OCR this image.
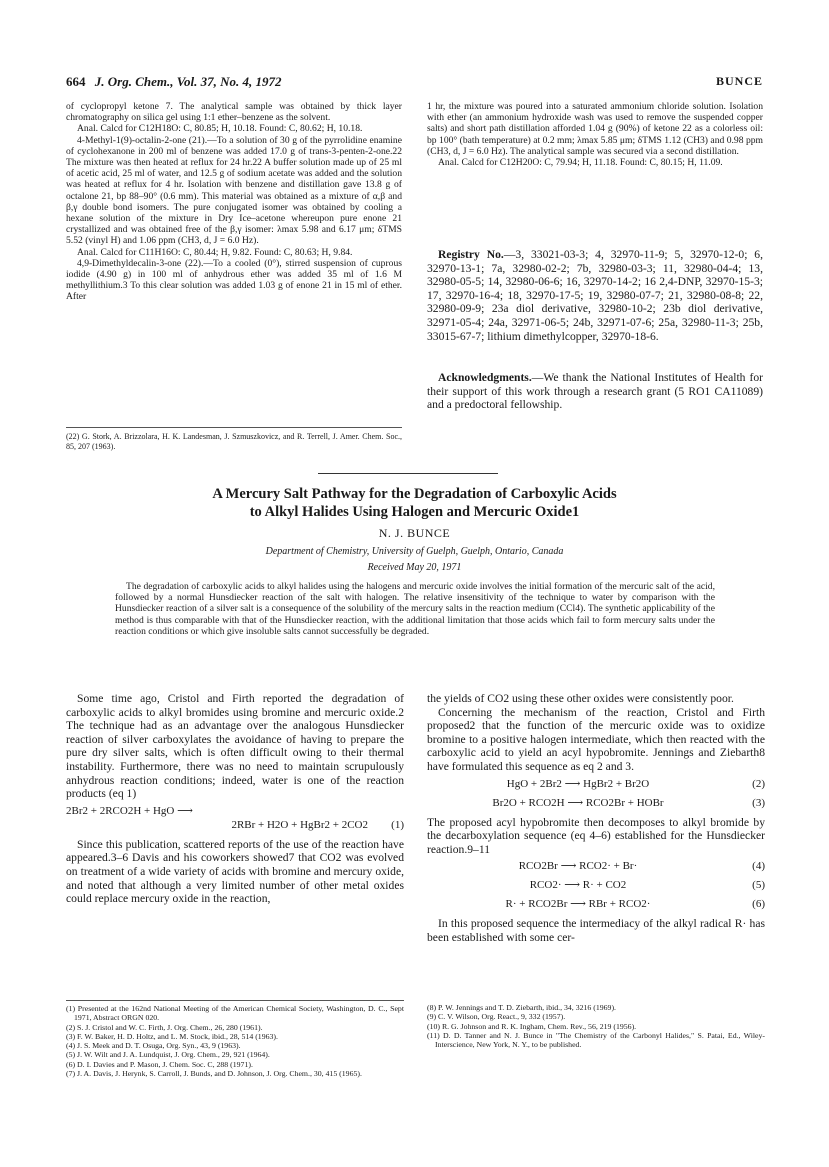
664 J. Org. Chem., Vol. 37, No. 4, 1972	BUNCE

of cyclopropyl ketone 7. The analytical sample was obtained by thick layer chromatography on silica gel using 1:1 ether–benzene as the solvent.

Anal. Calcd for C12H18O: C, 80.85; H, 10.18. Found: C, 80.62; H, 10.18.

4-Methyl-1(9)-octalin-2-one (21).—To a solution of 30 g of the pyrrolidine enamine of cyclohexanone in 200 ml of benzene was added 17.0 g of trans-3-penten-2-one.22 The mixture was then heated at reflux for 24 hr.22 A buffer solution made up of 25 ml of acetic acid, 25 ml of water, and 12.5 g of sodium acetate was added and the solution was heated at reflux for 4 hr. Isolation with benzene and distillation gave 13.8 g of octalone 21, bp 88–90° (0.6 mm). This material was obtained as a mixture of α,β and β,γ double bond isomers. The pure conjugated isomer was obtained by cooling a hexane solution of the mixture in Dry Ice–acetone whereupon pure enone 21 crystallized and was obtained free of the β,γ isomer: λmax 5.98 and 6.17 μm; δTMS 5.52 (vinyl H) and 1.06 ppm (CH3, d, J = 6.0 Hz).

Anal. Calcd for C11H16O: C, 80.44; H, 9.82. Found: C, 80.63; H, 9.84.

4,9-Dimethyldecalin-3-one (22).—To a cooled (0°), stirred suspension of cuprous iodide (4.90 g) in 100 ml of anhydrous ether was added 35 ml of 1.6 M methyllithium.3 To this clear solution was added 1.03 g of enone 21 in 15 ml of ether. After

(22) G. Stork, A. Brizzolara, H. K. Landesman, J. Szmuszkovicz, and R. Terrell, J. Amer. Chem. Soc., 85, 207 (1963).

1 hr, the mixture was poured into a saturated ammonium chloride solution. Isolation with ether (an ammonium hydroxide wash was used to remove the suspended copper salts) and short path distillation afforded 1.04 g (90%) of ketone 22 as a colorless oil: bp 100° (bath temperature) at 0.2 mm; λmax 5.85 μm; δTMS 1.12 (CH3) and 0.98 ppm (CH3, d, J = 6.0 Hz). The analytical sample was secured via a second distillation.

Anal. Calcd for C12H20O: C, 79.94; H, 11.18. Found: C, 80.15; H, 11.09.

Registry No.—3, 33021-03-3; 4, 32970-11-9; 5, 32970-12-0; 6, 32970-13-1; 7a, 32980-02-2; 7b, 32980-03-3; 11, 32980-04-4; 13, 32980-05-5; 14, 32980-06-6; 16, 32970-14-2; 16 2,4-DNP, 32970-15-3; 17, 32970-16-4; 18, 32970-17-5; 19, 32980-07-7; 21, 32980-08-8; 22, 32980-09-9; 23a diol derivative, 32980-10-2; 23b diol derivative, 32971-05-4; 24a, 32971-06-5; 24b, 32971-07-6; 25a, 32980-11-3; 25b, 33015-67-7; lithium dimethylcopper, 32970-18-6.

Acknowledgments.—We thank the National Institutes of Health for their support of this work through a research grant (5 RO1 CA11089) and a predoctoral fellowship.

A Mercury Salt Pathway for the Degradation of Carboxylic Acids
to Alkyl Halides Using Halogen and Mercuric Oxide1
N. J. BUNCE
Department of Chemistry, University of Guelph, Guelph, Ontario, Canada
Received May 20, 1971

The degradation of carboxylic acids to alkyl halides using the halogens and mercuric oxide involves the initial formation of the mercuric salt of the acid, followed by a normal Hunsdiecker reaction of the salt with halogen. The relative insensitivity of the technique to water by comparison with the Hunsdiecker reaction of a silver salt is a consequence of the solubility of the mercury salts in the reaction medium (CCl4). The synthetic applicability of the method is thus comparable with that of the Hunsdiecker reaction, with the additional limitation that those acids which fail to form mercury salts under the reaction conditions or which give insoluble salts cannot successfully be degraded.

Some time ago, Cristol and Firth reported the degradation of carboxylic acids to alkyl bromides using bromine and mercuric oxide.2 The technique had as an advantage over the analogous Hunsdiecker reaction of silver carboxylates the avoidance of having to prepare the pure dry silver salts, which is often difficult owing to their thermal instability. Furthermore, there was no need to maintain scrupulously anhydrous reaction conditions; indeed, water is one of the reaction products (eq 1)

2Br2 + 2RCO2H + HgO ⟶
2RBr + H2O + HgBr2 + 2CO2 (1)

Since this publication, scattered reports of the use of the reaction have appeared.3–6 Davis and his coworkers showed7 that CO2 was evolved on treatment of a wide variety of acids with bromine and mercury oxide, and noted that although a very limited number of other metal oxides could replace mercury oxide in the reaction,

the yields of CO2 using these other oxides were consistently poor.

Concerning the mechanism of the reaction, Cristol and Firth proposed2 that the function of the mercuric oxide was to oxidize bromine to a positive halogen intermediate, which then reacted with the carboxylic acid to yield an acyl hypobromite. Jennings and Ziebarth8 have formulated this sequence as eq 2 and 3.

HgO + 2Br2 ⟶ HgBr2 + Br2O	(2)
Br2O + RCO2H ⟶ RCO2Br + HOBr	(3)

The proposed acyl hypobromite then decomposes to alkyl bromide by the decarboxylation sequence (eq 4–6) established for the Hunsdiecker reaction.9–11

RCO2Br ⟶ RCO2· + Br·	(4)
RCO2· ⟶ R· + CO2	(5)
R· + RCO2Br ⟶ RBr + RCO2·	(6)

In this proposed sequence the intermediacy of the alkyl radical R· has been established with some cer-

(1) Presented at the 162nd National Meeting of the American Chemical Society, Washington, D. C., Sept 1971, Abstract ORGN 020.

(2) S. J. Cristol and W. C. Firth, J. Org. Chem., 26, 280 (1961).

(3) F. W. Baker, H. D. Holtz, and L. M. Stock, ibid., 28, 514 (1963).

(4) J. S. Meek and D. T. Osuga, Org. Syn., 43, 9 (1963).

(5) J. W. Wilt and J. A. Lundquist, J. Org. Chem., 29, 921 (1964).

(6) D. I. Davies and P. Mason, J. Chem. Soc. C, 288 (1971).

(7) J. A. Davis, J. Herynk, S. Carroll, J. Bunds, and D. Johnson, J. Org. Chem., 30, 415 (1965).

(8) P. W. Jennings and T. D. Ziebarth, ibid., 34, 3216 (1969).

(9) C. V. Wilson, Org. React., 9, 332 (1957).

(10) R. G. Johnson and R. K. Ingham, Chem. Rev., 56, 219 (1956).

(11) D. D. Tanner and N. J. Bunce in "The Chemistry of the Carbonyl Halides," S. Patai, Ed., Wiley-Interscience, New York, N. Y., to be published.
